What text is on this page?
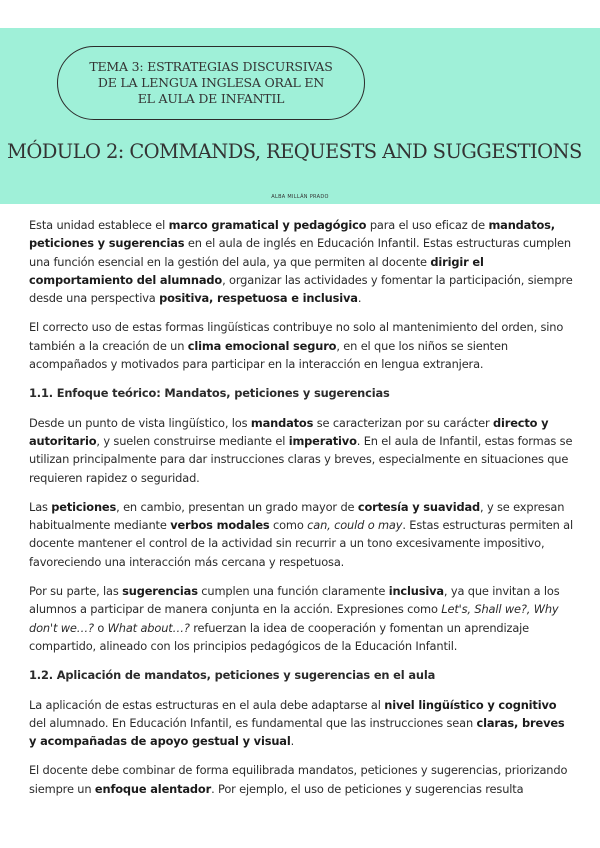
TEMA 3: ESTRATEGIAS DISCURSIVAS DE LA LENGUA INGLESA ORAL EN EL AULA DE INFANTIL
MÓDULO 2: COMMANDS, REQUESTS AND SUGGESTIONS
ALBA MILLÁN PRADO

Esta unidad establece el marco gramatical y pedagógico para el uso eficaz de mandatos, peticiones y sugerencias en el aula de inglés en Educación Infantil. Estas estructuras cumplen una función esencial en la gestión del aula, ya que permiten al docente dirigir el comportamiento del alumnado, organizar las actividades y fomentar la participación, siempre desde una perspectiva positiva, respetuosa e inclusiva.

El correcto uso de estas formas lingüísticas contribuye no solo al mantenimiento del orden, sino también a la creación de un clima emocional seguro, en el que los niños se sienten acompañados y motivados para participar en la interacción en lengua extranjera.

1.1. Enfoque teórico: Mandatos, peticiones y sugerencias

Desde un punto de vista lingüístico, los mandatos se caracterizan por su carácter directo y autoritario, y suelen construirse mediante el imperativo. En el aula de Infantil, estas formas se utilizan principalmente para dar instrucciones claras y breves, especialmente en situaciones que requieren rapidez o seguridad.

Las peticiones, en cambio, presentan un grado mayor de cortesía y suavidad, y se expresan habitualmente mediante verbos modales como can, could o may. Estas estructuras permiten al docente mantener el control de la actividad sin recurrir a un tono excesivamente impositivo, favoreciendo una interacción más cercana y respetuosa.

Por su parte, las sugerencias cumplen una función claramente inclusiva, ya que invitan a los alumnos a participar de manera conjunta en la acción. Expresiones como Let's, Shall we?, Why don't we…? o What about…? refuerzan la idea de cooperación y fomentan un aprendizaje compartido, alineado con los principios pedagógicos de la Educación Infantil.

1.2. Aplicación de mandatos, peticiones y sugerencias en el aula

La aplicación de estas estructuras en el aula debe adaptarse al nivel lingüístico y cognitivo del alumnado. En Educación Infantil, es fundamental que las instrucciones sean claras, breves y acompañadas de apoyo gestual y visual.

El docente debe combinar de forma equilibrada mandatos, peticiones y sugerencias, priorizando siempre un enfoque alentador. Por ejemplo, el uso de peticiones y sugerencias resulta
